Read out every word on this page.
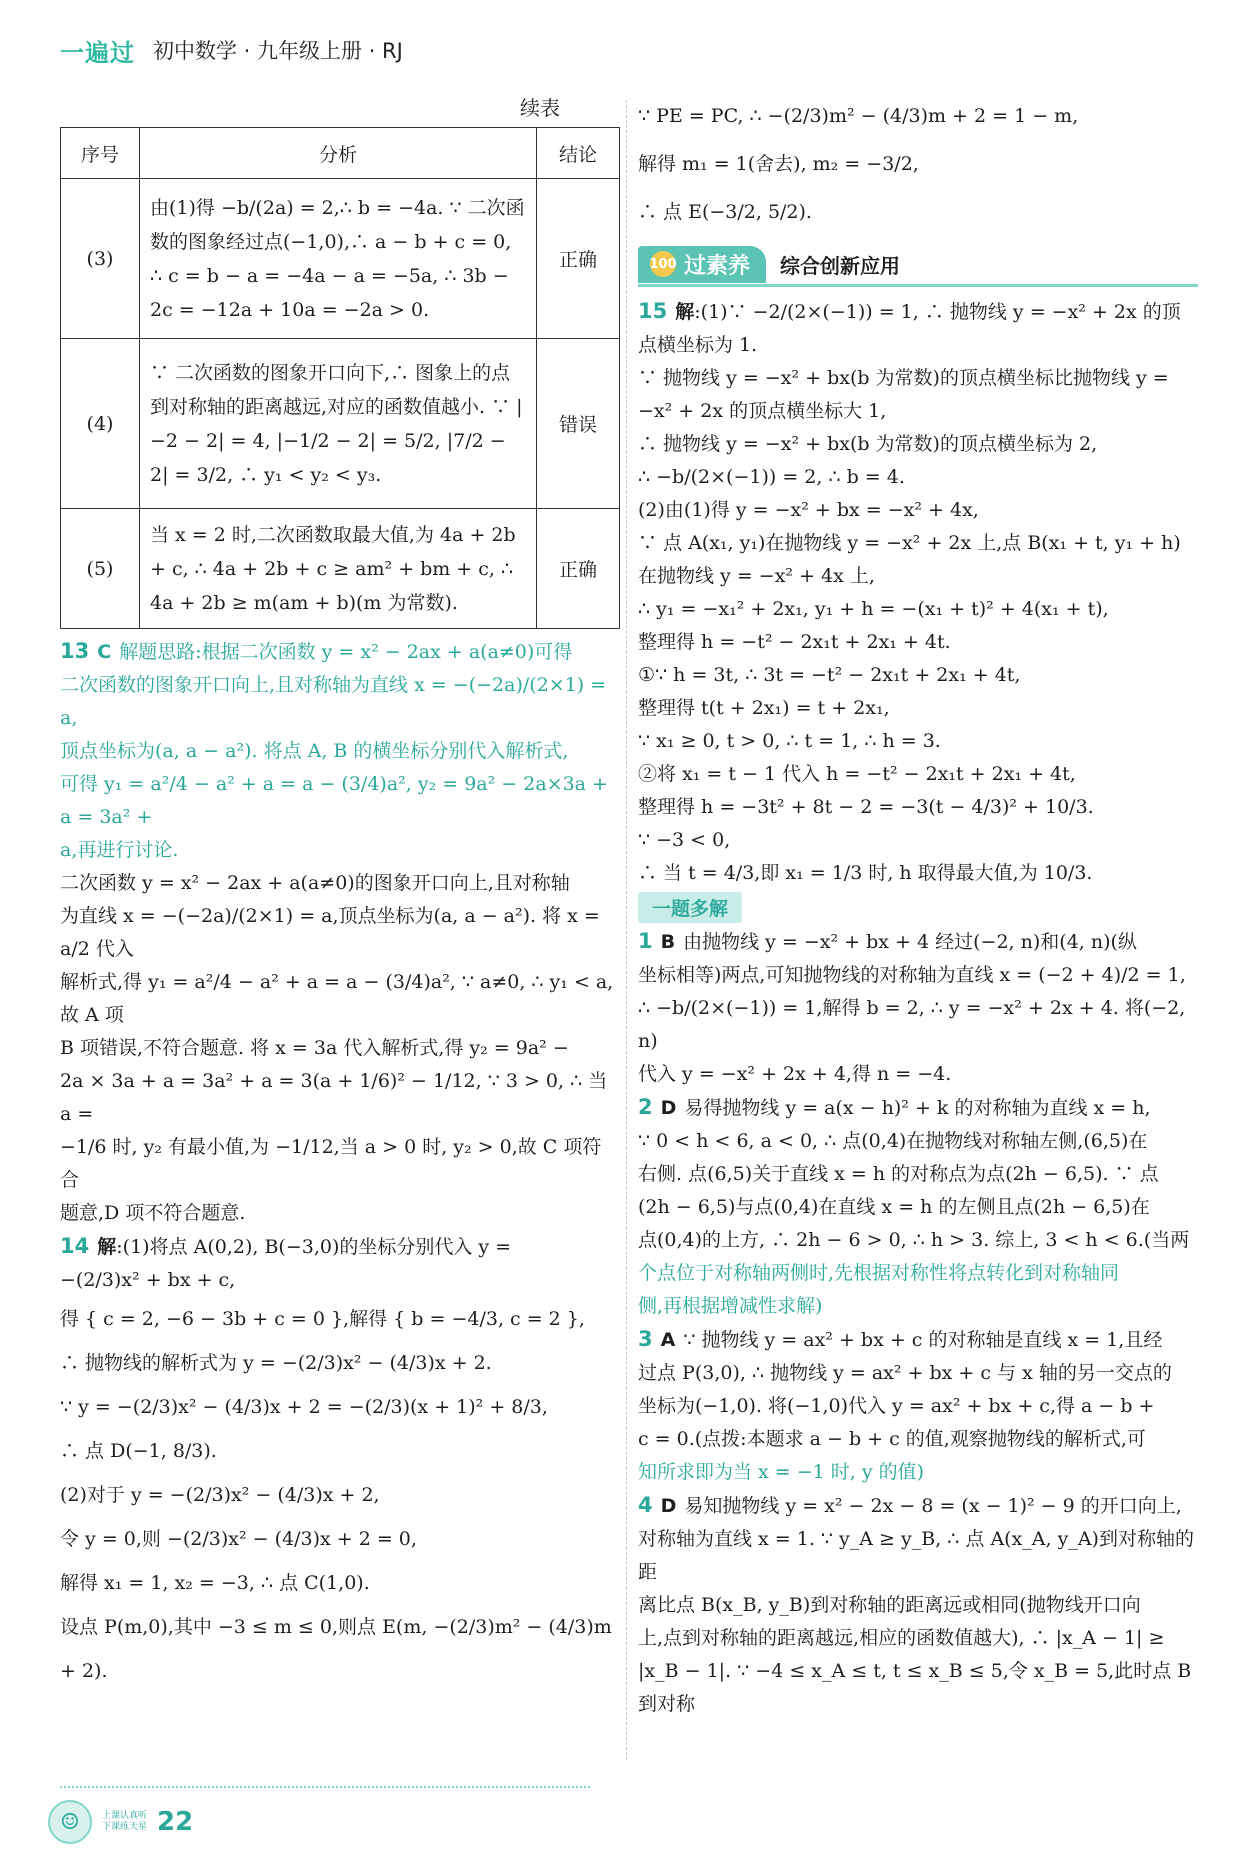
一遍过 初中数学 · 九年级上册 · RJ
续表
序号	分析	结论
(3)	由(1)得 −b/(2a) = 2,∴ b = −4a. ∵ 二次函数的图象经过点(−1,0),∴ a − b + c = 0, ∴ c = b − a = −4a − a = −5a, ∴ 3b − 2c = −12a + 10a = −2a > 0.	正确
(4)	∵ 二次函数的图象开口向下,∴ 图象上的点到对称轴的距离越远,对应的函数值越小. ∵ |−2 − 2| = 4, |−1/2 − 2| = 5/2, |7/2 − 2| = 3/2, ∴ y₁ < y₂ < y₃.	错误
(5)	当 x = 2 时,二次函数取最大值,为 4a + 2b + c, ∴ 4a + 2b + c ≥ am² + bm + c, ∴ 4a + 2b ≥ m(am + b)(m 为常数).	正确

13 C 解题思路:根据二次函数 y = x² − 2ax + a(a≠0)可得

二次函数的图象开口向上,且对称轴为直线 x = −(−2a)/(2×1) = a,

顶点坐标为(a, a − a²). 将点 A, B 的横坐标分别代入解析式,

可得 y₁ = a²/4 − a² + a = a − (3/4)a², y₂ = 9a² − 2a×3a + a = 3a² +

a,再进行讨论.

二次函数 y = x² − 2ax + a(a≠0)的图象开口向上,且对称轴

为直线 x = −(−2a)/(2×1) = a,顶点坐标为(a, a − a²). 将 x = a/2 代入

解析式,得 y₁ = a²/4 − a² + a = a − (3/4)a², ∵ a≠0, ∴ y₁ < a,故 A 项

B 项错误,不符合题意. 将 x = 3a 代入解析式,得 y₂ = 9a² −

2a × 3a + a = 3a² + a = 3(a + 1/6)² − 1/12, ∵ 3 > 0, ∴ 当 a =

−1/6 时, y₂ 有最小值,为 −1/12,当 a > 0 时, y₂ > 0,故 C 项符合

题意,D 项不符合题意.

14 解:(1)将点 A(0,2), B(−3,0)的坐标分别代入 y =

−(2/3)x² + bx + c,

得 { c = 2, −6 − 3b + c = 0 },解得 { b = −4/3, c = 2 },

∴ 抛物线的解析式为 y = −(2/3)x² − (4/3)x + 2.

∵ y = −(2/3)x² − (4/3)x + 2 = −(2/3)(x + 1)² + 8/3,

∴ 点 D(−1, 8/3).

(2)对于 y = −(2/3)x² − (4/3)x + 2,

令 y = 0,则 −(2/3)x² − (4/3)x + 2 = 0,

解得 x₁ = 1, x₂ = −3, ∴ 点 C(1,0).

设点 P(m,0),其中 −3 ≤ m ≤ 0,则点 E(m, −(2/3)m² − (4/3)m + 2).

∵ PE = PC, ∴ −(2/3)m² − (4/3)m + 2 = 1 − m,

解得 m₁ = 1(舍去), m₂ = −3/2,

∴ 点 E(−3/2, 5/2).

100 过素养 综合创新应用

15 解:(1)∵ −2/(2×(−1)) = 1, ∴ 抛物线 y = −x² + 2x 的顶

点横坐标为 1.

∵ 抛物线 y = −x² + bx(b 为常数)的顶点横坐标比抛物线 y =

−x² + 2x 的顶点横坐标大 1,

∴ 抛物线 y = −x² + bx(b 为常数)的顶点横坐标为 2,

∴ −b/(2×(−1)) = 2, ∴ b = 4.

(2)由(1)得 y = −x² + bx = −x² + 4x,

∵ 点 A(x₁, y₁)在抛物线 y = −x² + 2x 上,点 B(x₁ + t, y₁ + h)

在抛物线 y = −x² + 4x 上,

∴ y₁ = −x₁² + 2x₁, y₁ + h = −(x₁ + t)² + 4(x₁ + t),

整理得 h = −t² − 2x₁t + 2x₁ + 4t.

①∵ h = 3t, ∴ 3t = −t² − 2x₁t + 2x₁ + 4t,

整理得 t(t + 2x₁) = t + 2x₁,

∵ x₁ ≥ 0, t > 0, ∴ t = 1, ∴ h = 3.

②将 x₁ = t − 1 代入 h = −t² − 2x₁t + 2x₁ + 4t,

整理得 h = −3t² + 8t − 2 = −3(t − 4/3)² + 10/3.

∵ −3 < 0,

∴ 当 t = 4/3,即 x₁ = 1/3 时, h 取得最大值,为 10/3.

一题多解

1 B 由抛物线 y = −x² + bx + 4 经过(−2, n)和(4, n)(纵

坐标相等)两点,可知抛物线的对称轴为直线 x = (−2 + 4)/2 = 1,

∴ −b/(2×(−1)) = 1,解得 b = 2, ∴ y = −x² + 2x + 4. 将(−2, n)

代入 y = −x² + 2x + 4,得 n = −4.

2 D 易得抛物线 y = a(x − h)² + k 的对称轴为直线 x = h,

∵ 0 < h < 6, a < 0, ∴ 点(0,4)在抛物线对称轴左侧,(6,5)在

右侧. 点(6,5)关于直线 x = h 的对称点为点(2h − 6,5). ∵ 点

(2h − 6,5)与点(0,4)在直线 x = h 的左侧且点(2h − 6,5)在

点(0,4)的上方, ∴ 2h − 6 > 0, ∴ h > 3. 综上, 3 < h < 6.(当两

个点位于对称轴两侧时,先根据对称性将点转化到对称轴同

侧,再根据增减性求解)

3 A ∵ 抛物线 y = ax² + bx + c 的对称轴是直线 x = 1,且经

过点 P(3,0), ∴ 抛物线 y = ax² + bx + c 与 x 轴的另一交点的

坐标为(−1,0). 将(−1,0)代入 y = ax² + bx + c,得 a − b +

c = 0.(点拨:本题求 a − b + c 的值,观察抛物线的解析式,可

知所求即为当 x = −1 时, y 的值)

4 D 易知抛物线 y = x² − 2x − 8 = (x − 1)² − 9 的开口向上,

对称轴为直线 x = 1. ∵ y_A ≥ y_B, ∴ 点 A(x_A, y_A)到对称轴的距

离比点 B(x_B, y_B)到对称轴的距离远或相同(抛物线开口向

上,点到对称轴的距离越远,相应的函数值越大), ∴ |x_A − 1| ≥

|x_B − 1|. ∵ −4 ≤ x_A ≤ t, t ≤ x_B ≤ 5,令 x_B = 5,此时点 B 到对称

☺	上课认真听
下课练天星 22
